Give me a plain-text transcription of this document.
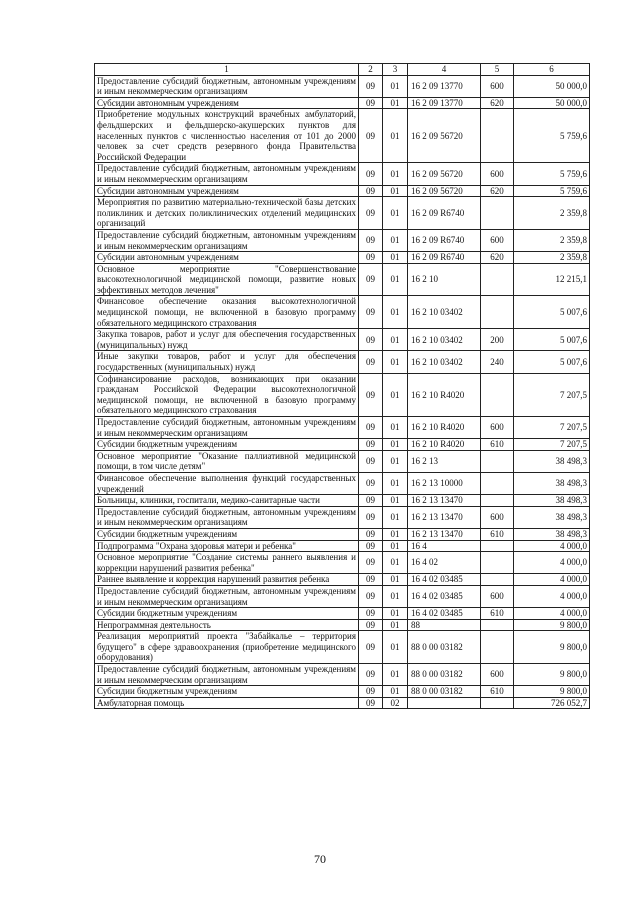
1	2	3	4	5	6
Предоставление субсидий бюджетным, автономным учреждениям и иным некоммерческим организациям	09	01	16 2 09 13770	600	50 000,0
Субсидии автономным учреждениям	09	01	16 2 09 13770	620	50 000,0
Приобретение модульных конструкций врачебных амбулаторий, фельдшерских и фельдшерско-акушерских пунктов для населенных пунктов с численностью населения от 101 до 2000 человек за счет средств резервного фонда Правительства Российской Федерации	09	01	16 2 09 56720		5 759,6
Предоставление субсидий бюджетным, автономным учреждениям и иным некоммерческим организациям	09	01	16 2 09 56720	600	5 759,6
Субсидии автономным учреждениям	09	01	16 2 09 56720	620	5 759,6
Мероприятия по развитию материально-технической базы детских поликлиник и детских поликлинических отделений медицинских организаций	09	01	16 2 09 R6740		2 359,8
Предоставление субсидий бюджетным, автономным учреждениям и иным некоммерческим организациям	09	01	16 2 09 R6740	600	2 359,8
Субсидии автономным учреждениям	09	01	16 2 09 R6740	620	2 359,8
Основное мероприятие "Совершенствование высокотехнологичной медицинской помощи, развитие новых эффективных методов лечения"	09	01	16 2 10		12 215,1
Финансовое обеспечение оказания высокотехнологичной медицинской помощи, не включенной в базовую программу обязательного медицинского страхования	09	01	16 2 10 03402		5 007,6
Закупка товаров, работ и услуг для обеспечения государственных (муниципальных) нужд	09	01	16 2 10 03402	200	5 007,6
Иные закупки товаров, работ и услуг для обеспечения государственных (муниципальных) нужд	09	01	16 2 10 03402	240	5 007,6
Софинансирование расходов, возникающих при оказании гражданам Российской Федерации высокотехнологичной медицинской помощи, не включенной в базовую программу обязательного медицинского страхования	09	01	16 2 10 R4020		7 207,5
Предоставление субсидий бюджетным, автономным учреждениям и иным некоммерческим организациям	09	01	16 2 10 R4020	600	7 207,5
Субсидии бюджетным учреждениям	09	01	16 2 10 R4020	610	7 207,5
Основное мероприятие "Оказание паллиативной медицинской помощи, в том числе детям"	09	01	16 2 13		38 498,3
Финансовое обеспечение выполнения функций государственных учреждений	09	01	16 2 13 10000		38 498,3
Больницы, клиники, госпитали, медико-санитарные части	09	01	16 2 13 13470		38 498,3
Предоставление субсидий бюджетным, автономным учреждениям и иным некоммерческим организациям	09	01	16 2 13 13470	600	38 498,3
Субсидии бюджетным учреждениям	09	01	16 2 13 13470	610	38 498,3
Подпрограмма "Охрана здоровья матери и ребенка"	09	01	16 4		4 000,0
Основное мероприятие "Создание системы раннего выявления и коррекции нарушений развития ребенка"	09	01	16 4 02		4 000,0
Раннее выявление и коррекция нарушений развития ребенка	09	01	16 4 02 03485		4 000,0
Предоставление субсидий бюджетным, автономным учреждениям и иным некоммерческим организациям	09	01	16 4 02 03485	600	4 000,0
Субсидии бюджетным учреждениям	09	01	16 4 02 03485	610	4 000,0
Непрограммная деятельность	09	01	88		9 800,0
Реализация мероприятий проекта "Забайкалье – территория будущего" в сфере здравоохранения (приобретение медицинского оборудования)	09	01	88 0 00 03182		9 800,0
Предоставление субсидий бюджетным, автономным учреждениям и иным некоммерческим организациям	09	01	88 0 00 03182	600	9 800,0
Субсидии бюджетным учреждениям	09	01	88 0 00 03182	610	9 800,0
Амбулаторная помощь	09	02			726 052,7
70
